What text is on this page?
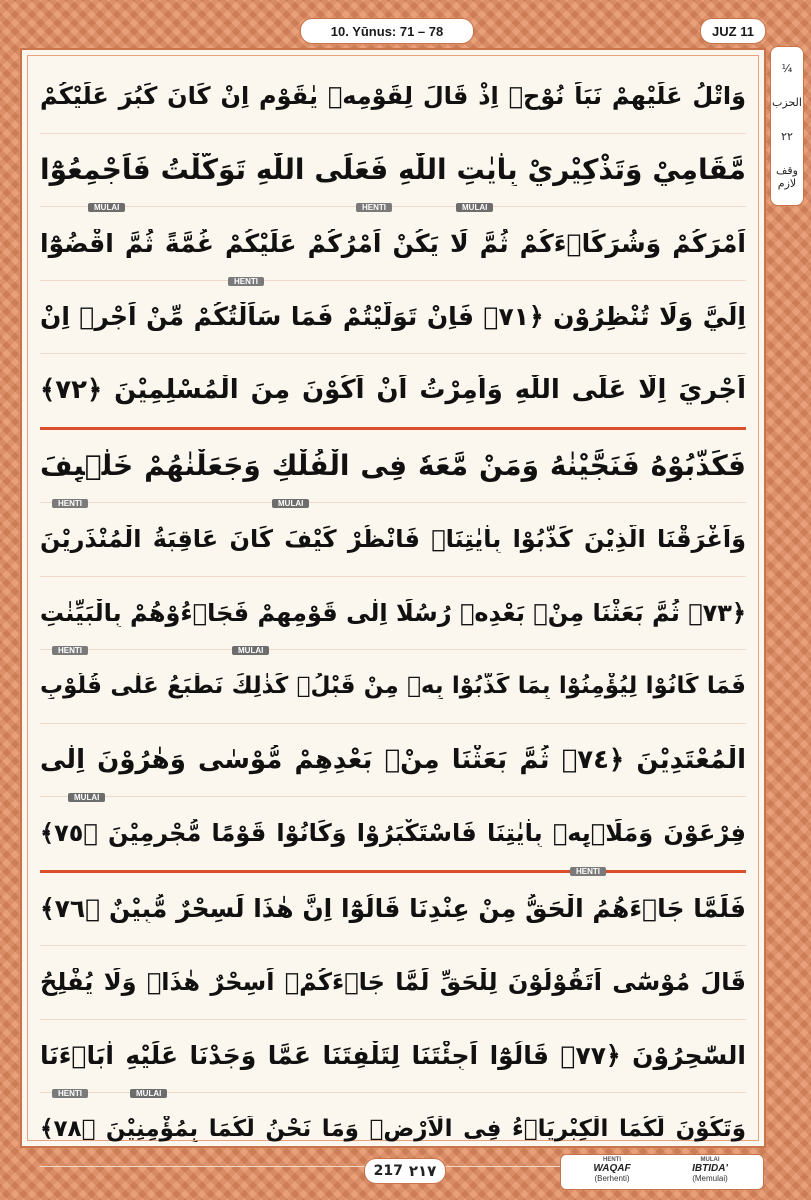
10. Yūnus: 71 – 78	JUZ 11
¼
الحزب
٢٢
وقف لازم
وَاتْلُ عَلَيْهِمْ نَبَاَ نُوْحٍۘ اِذْ قَالَ لِقَوْمِهٖ يٰقَوْمِ اِنْ كَانَ كَبُرَ عَلَيْكُمْ
مَّقَامِيْ وَتَذْكِيْرِيْ بِاٰيٰتِ اللّٰهِ فَعَلَى اللّٰهِ تَوَكَّلْتُ فَاَجْمِعُوْٓا
MULAI	HENTI	MULAI
اَمْرَكُمْ وَشُرَكَاۤءَكُمْ ثُمَّ لَا يَكُنْ اَمْرُكُمْ عَلَيْكُمْ غُمَّةً ثُمَّ اقْضُوْٓا
HENTI
اِلَيَّ وَلَا تُنْظِرُوْنِ ﴿٧١﴾ فَاِنْ تَوَلَّيْتُمْ فَمَا سَاَلْتُكُمْ مِّنْ اَجْرٍۗ اِنْ
اَجْرِيَ اِلَّا عَلَى اللّٰهِ وَاُمِرْتُ اَنْ اَكُوْنَ مِنَ الْمُسْلِمِيْنَ ﴿٧٢﴾
فَكَذَّبُوْهُ فَنَجَّيْنٰهُ وَمَنْ مَّعَهٗ فِى الْفُلْكِ وَجَعَلْنٰهُمْ خَلٰۤىِٕفَ
HENTI	MULAI
وَاَغْرَقْنَا الَّذِيْنَ كَذَّبُوْا بِاٰيٰتِنَاۚ فَانْظُرْ كَيْفَ كَانَ عَاقِبَةُ الْمُنْذَرِيْنَ
﴿٧٣﴾ ثُمَّ بَعَثْنَا مِنْۢ بَعْدِهٖ رُسُلًا اِلٰى قَوْمِهِمْ فَجَاۤءُوْهُمْ بِالْبَيِّنٰتِ
HENTI	MULAI
فَمَا كَانُوْا لِيُؤْمِنُوْا بِمَا كَذَّبُوْا بِهٖ مِنْ قَبْلُۗ كَذٰلِكَ نَطْبَعُ عَلٰى قُلُوْبِ
الْمُعْتَدِيْنَ ﴿٧٤﴾ ثُمَّ بَعَثْنَا مِنْۢ بَعْدِهِمْ مُّوْسٰى وَهٰرُوْنَ اِلٰى
MULAI
فِرْعَوْنَ وَمَلَا۟ىِٕهٖ بِاٰيٰتِنَا فَاسْتَكْبَرُوْا وَكَانُوْا قَوْمًا مُّجْرِمِيْنَ ﴿٧٥﴾
HENTI
فَلَمَّا جَاۤءَهُمُ الْحَقُّ مِنْ عِنْدِنَا قَالُوْٓا اِنَّ هٰذَا لَسِحْرٌ مُّبِيْنٌ ﴿٧٦﴾
قَالَ مُوْسٰٓى اَتَقُوْلُوْنَ لِلْحَقِّ لَمَّا جَاۤءَكُمْۗ اَسِحْرٌ هٰذَاۗ وَلَا يُفْلِحُ
السّٰحِرُوْنَ ﴿٧٧﴾ قَالُوْٓا اَجِئْتَنَا لِتَلْفِتَنَا عَمَّا وَجَدْنَا عَلَيْهِ اٰبَاۤءَنَا
HENTI	MULAI
وَتَكُوْنَ لَكُمَا الْكِبْرِيَاۤءُ فِى الْاَرْضِۗ وَمَا نَحْنُ لَكُمَا بِمُؤْمِنِيْنَ ﴿٧٨﴾
217 ٢١٧
HENTI
WAQAF
(Berhenti)
MULAI
IBTIDA'
(Memulai)
